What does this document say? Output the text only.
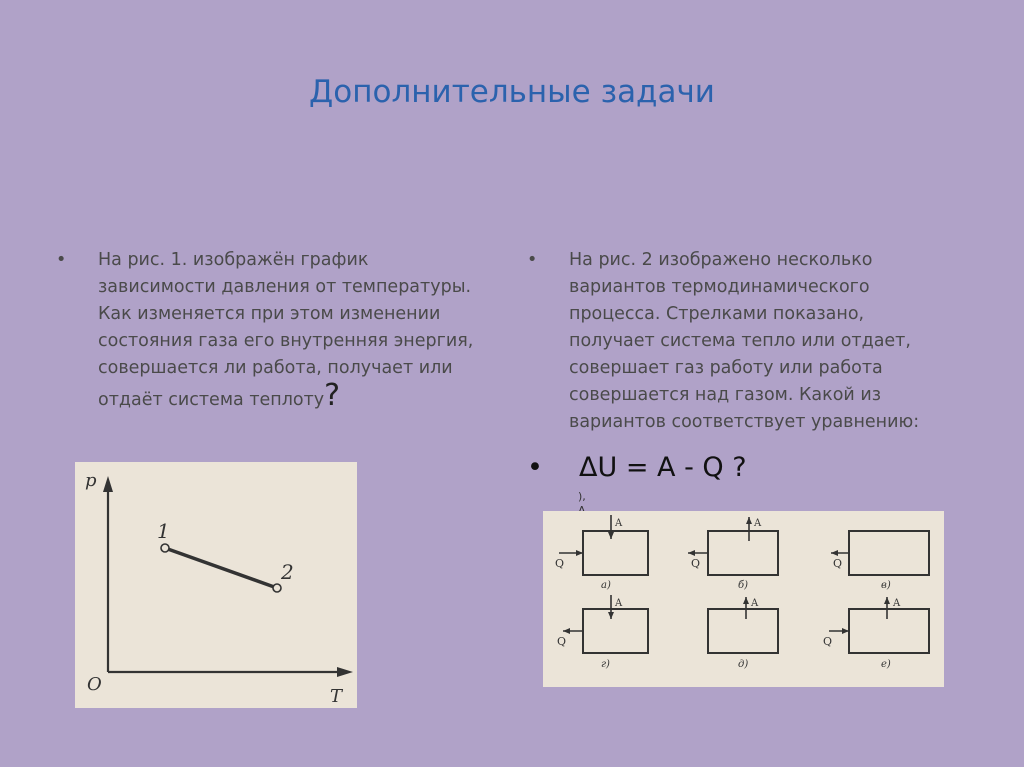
Дополнительные задачи
•	На рис. 1. изображён график зависимости давления от температуры. Как изменяется при этом изменении состояния газа его внутренняя энергия, совершается ли работа, получает или отдаёт система теплоту?
•	На рис. 2 изображено несколько вариантов термодинамического процесса. Стрелками показано, получает система тепло или отдает, совершает газ работу или работа совершается над газом. Какой из вариантов соответствует уравнению:
•	ΔU = A - Q ?
),
p
T
O
1
2	Q
A
а)
Q
A
б)
Q
в)
Q
A
г)
A
д)
Q
A
е)
